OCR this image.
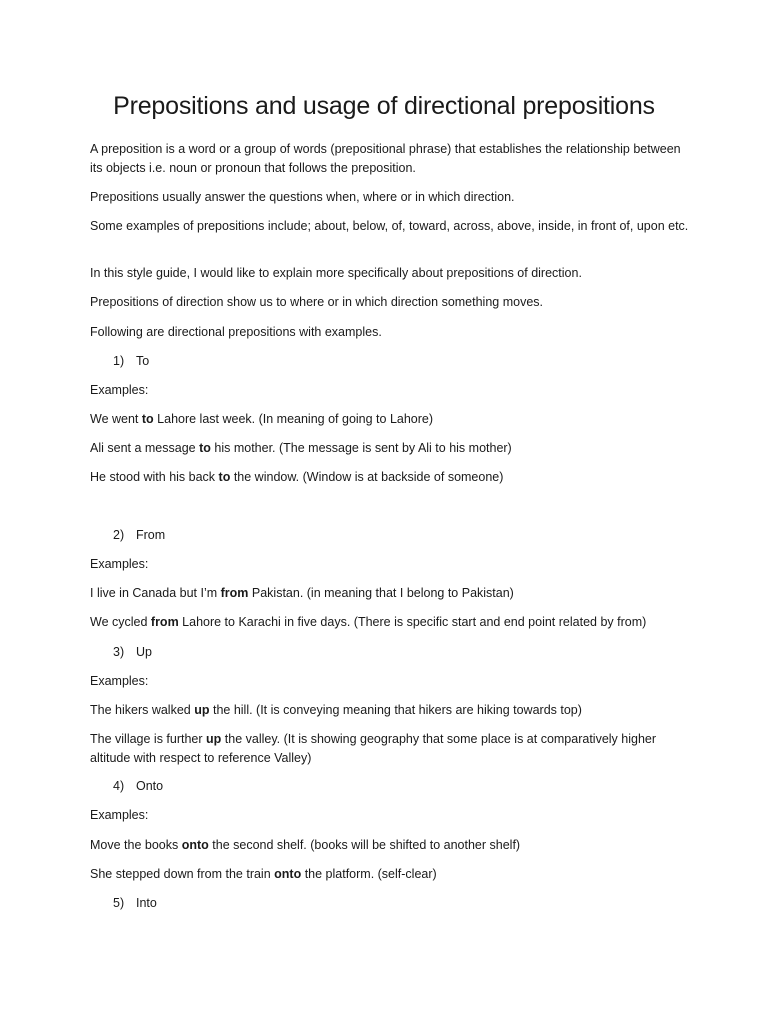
Prepositions and usage of directional prepositions

A preposition is a word or a group of words (prepositional phrase) that establishes the relationship between its objects i.e. noun or pronoun that follows the preposition.

Prepositions usually answer the questions when, where or in which direction.

Some examples of prepositions include; about, below, of, toward, across, above, inside, in front of, upon etc.

In this style guide, I would like to explain more specifically about prepositions of direction.

Prepositions of direction show us to where or in which direction something moves.

Following are directional prepositions with examples.

1) To

Examples:

We went to Lahore last week. (In meaning of going to Lahore)

Ali sent a message to his mother. (The message is sent by Ali to his mother)

He stood with his back to the window. (Window is at backside of someone)

2) From

Examples:

I live in Canada but I’m from Pakistan. (in meaning that I belong to Pakistan)

We cycled from Lahore to Karachi in five days. (There is specific start and end point related by from)

3) Up

Examples:

The hikers walked up the hill. (It is conveying meaning that hikers are hiking towards top)

The village is further up the valley. (It is showing geography that some place is at comparatively higher altitude with respect to reference Valley)

4) Onto

Examples:

Move the books onto the second shelf. (books will be shifted to another shelf)

She stepped down from the train onto the platform. (self-clear)

5) Into
